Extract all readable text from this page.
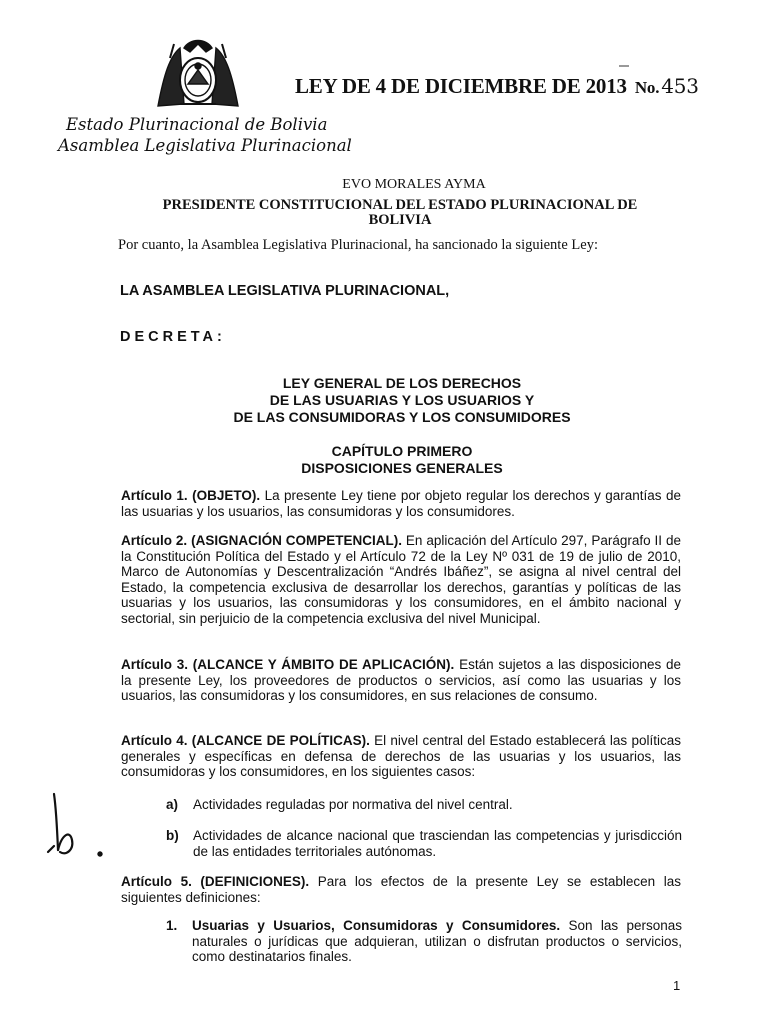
LEY DE 4 DE DICIEMBRE DE 2013 No. 453
Estado Plurinacional de Bolivia
Asamblea Legislativa Plurinacional
EVO MORALES AYMA
PRESIDENTE CONSTITUCIONAL DEL ESTADO PLURINACIONAL DE
BOLIVIA
Por cuanto, la Asamblea Legislativa Plurinacional, ha sancionado la siguiente Ley:
LA ASAMBLEA LEGISLATIVA PLURINACIONAL,
DECRETA:
LEY GENERAL DE LOS DERECHOS
DE LAS USUARIAS Y LOS USUARIOS Y
DE LAS CONSUMIDORAS Y LOS CONSUMIDORES
CAPÍTULO PRIMERO
DISPOSICIONES GENERALES
Artículo 1. (OBJETO). La presente Ley tiene por objeto regular los derechos y garantías de las usuarias y los usuarios, las consumidoras y los consumidores.
Artículo 2. (ASIGNACIÓN COMPETENCIAL). En aplicación del Artículo 297, Parágrafo II de la Constitución Política del Estado y el Artículo 72 de la Ley Nº 031 de 19 de julio de 2010, Marco de Autonomías y Descentralización “Andrés Ibáñez”, se asigna al nivel central del Estado, la competencia exclusiva de desarrollar los derechos, garantías y políticas de las usuarias y los usuarios, las consumidoras y los consumidores, en el ámbito nacional y sectorial, sin perjuicio de la competencia exclusiva del nivel Municipal.
Artículo 3. (ALCANCE Y ÁMBITO DE APLICACIÓN). Están sujetos a las disposiciones de la presente Ley, los proveedores de productos o servicios, así como las usuarias y los usuarios, las consumidoras y los consumidores, en sus relaciones de consumo.
Artículo 4. (ALCANCE DE POLÍTICAS). El nivel central del Estado establecerá las políticas generales y específicas en defensa de derechos de las usuarias y los usuarios, las consumidoras y los consumidores, en los siguientes casos:
a) Actividades reguladas por normativa del nivel central.
b) Actividades de alcance nacional que trasciendan las competencias y jurisdicción de las entidades territoriales autónomas.
Artículo 5. (DEFINICIONES). Para los efectos de la presente Ley se establecen las siguientes definiciones:
1. Usuarias y Usuarios, Consumidoras y Consumidores. Son las personas naturales o jurídicas que adquieran, utilizan o disfrutan productos o servicios, como destinatarios finales.
1
